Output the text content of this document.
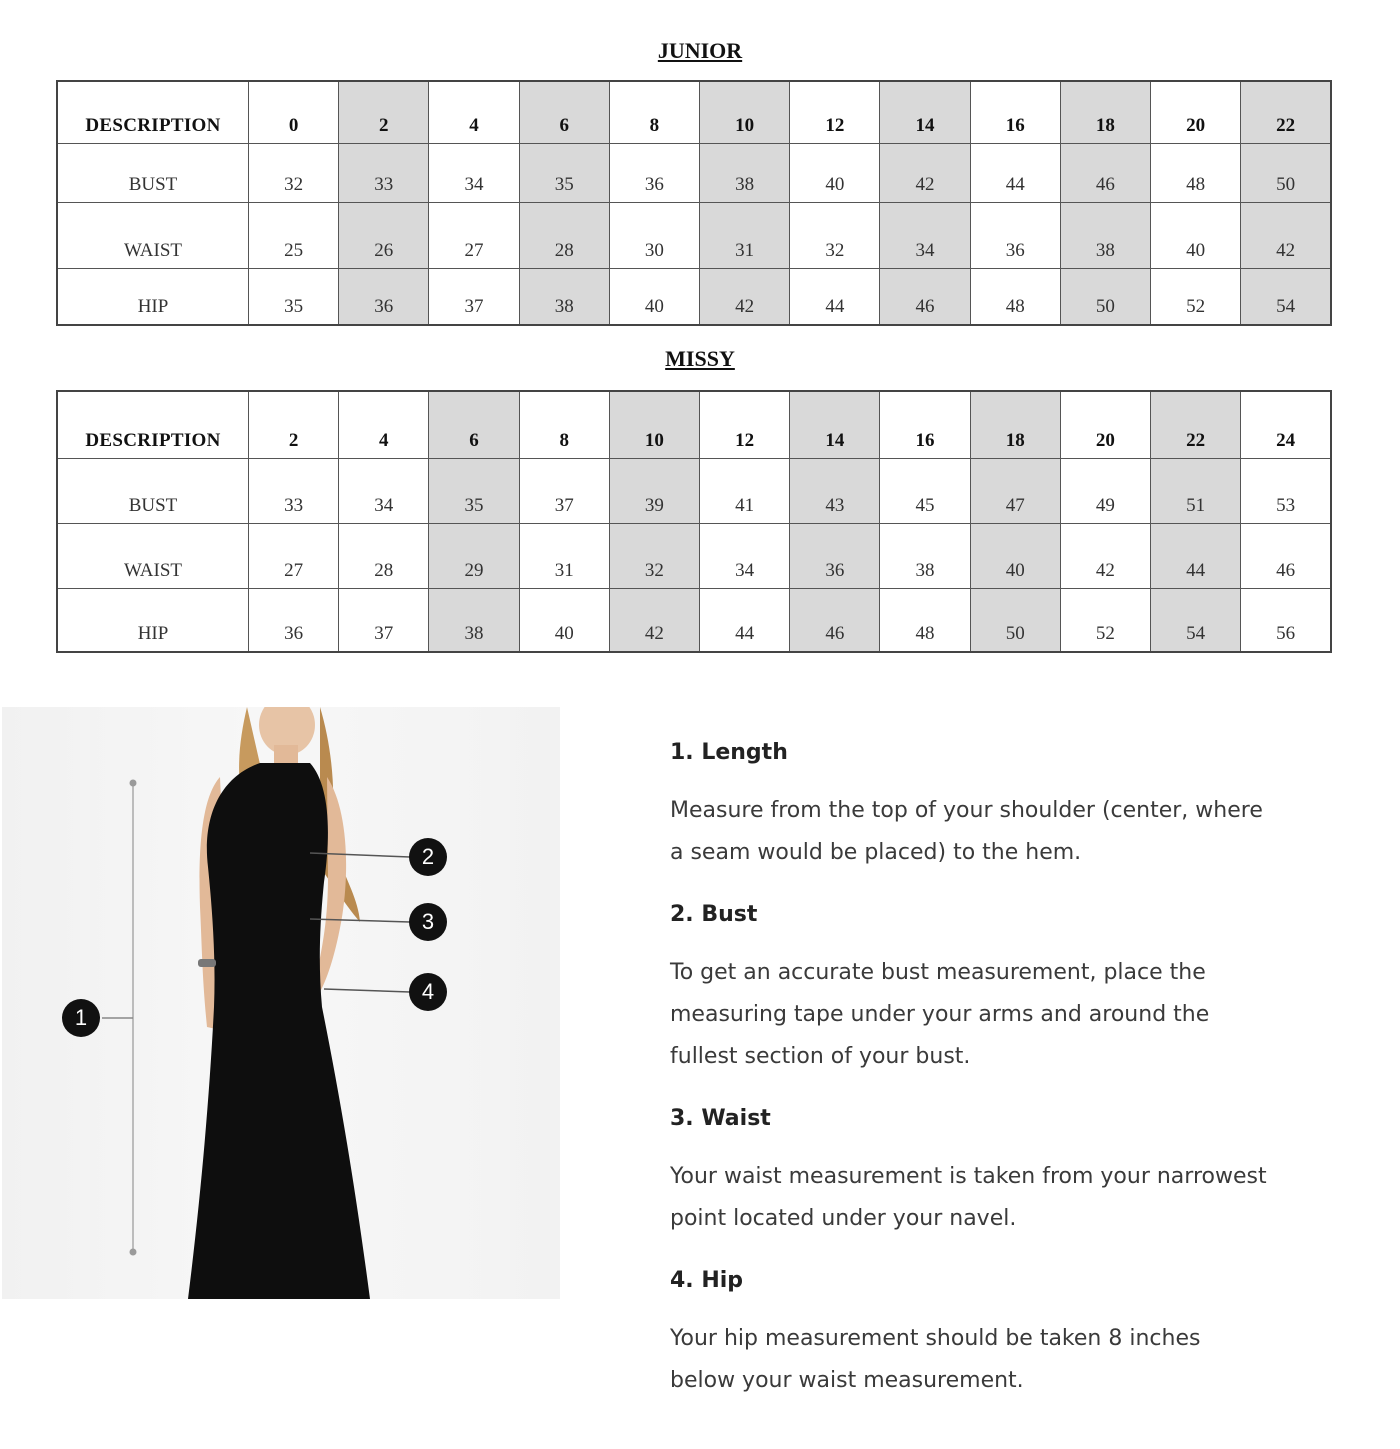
JUNIOR
DESCRIPTION	0	2	4	6	8	10	12	14	16	18	20	22
BUST	32	33	34	35	36	38	40	42	44	46	48	50
WAIST	25	26	27	28	30	31	32	34	36	38	40	42
HIP	35	36	37	38	40	42	44	46	48	50	52	54
MISSY
DESCRIPTION	2	4	6	8	10	12	14	16	18	20	22	24
BUST	33	34	35	37	39	41	43	45	47	49	51	53
WAIST	27	28	29	31	32	34	36	38	40	42	44	46
HIP	36	37	38	40	42	44	46	48	50	52	54	56
1
2
3
4
1. Length
Measure from the top of your shoulder (center, where a seam would be placed) to the hem.
2. Bust
To get an accurate bust measurement, place the measuring tape under your arms and around the fullest section of your bust.
3. Waist
Your waist measurement is taken from your narrowest point located under your navel.
4. Hip
Your hip measurement should be taken 8 inches below your waist measurement.
